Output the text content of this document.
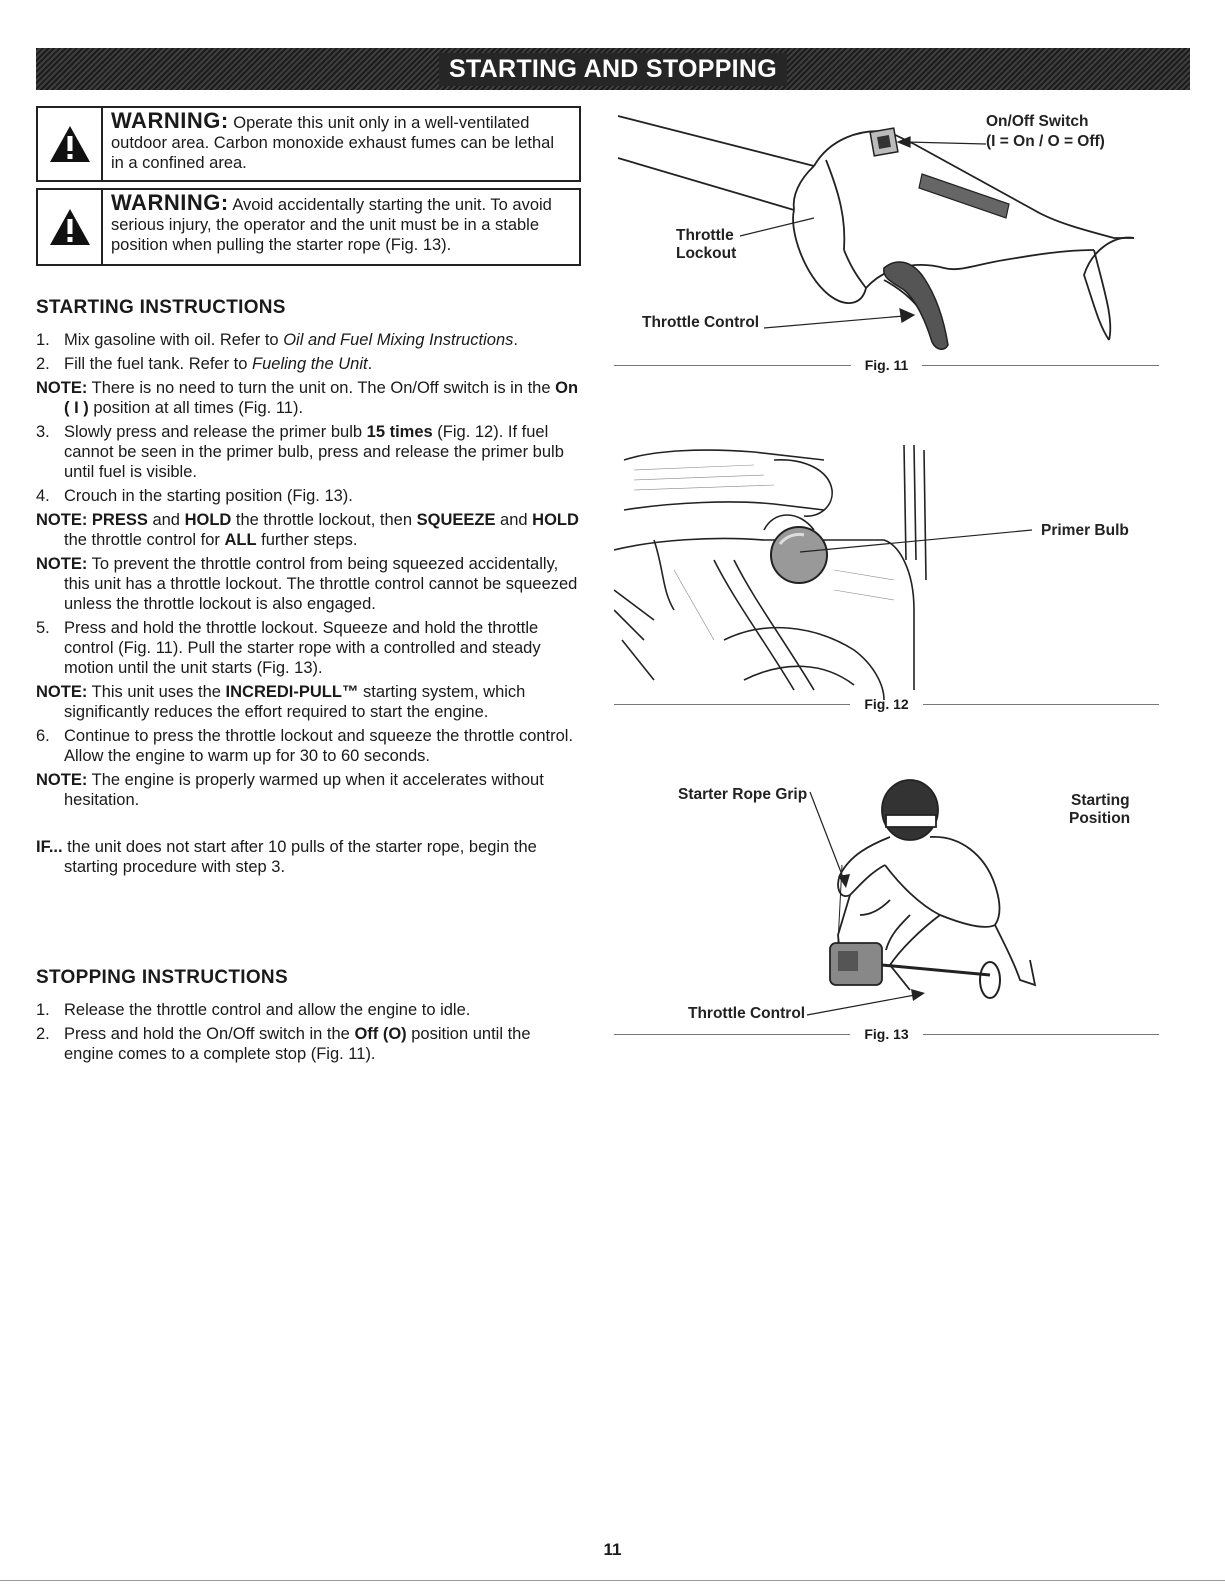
STARTING AND STOPPING
WARNING: Operate this unit only in a well-ventilated outdoor area. Carbon monoxide exhaust fumes can be lethal in a confined area.
WARNING: Avoid accidentally starting the unit. To avoid serious injury, the operator and the unit must be in a stable position when pulling the starter rope (Fig. 13).
STARTING INSTRUCTIONS

1. Mix gasoline with oil. Refer to Oil and Fuel Mixing Instructions.

2. Fill the fuel tank. Refer to Fueling the Unit.

NOTE: There is no need to turn the unit on. The On/Off switch is in the On ( I ) position at all times (Fig. 11).

3. Slowly press and release the primer bulb 15 times (Fig. 12). If fuel cannot be seen in the primer bulb, press and release the primer bulb until fuel is visible.

4. Crouch in the starting position (Fig. 13).

NOTE: PRESS and HOLD the throttle lockout, then SQUEEZE and HOLD the throttle control for ALL further steps.

NOTE: To prevent the throttle control from being squeezed accidentally, this unit has a throttle lockout. The throttle control cannot be squeezed unless the throttle lockout is also engaged.

5. Press and hold the throttle lockout. Squeeze and hold the throttle control (Fig. 11). Pull the starter rope with a controlled and steady motion until the unit starts (Fig. 13).

NOTE: This unit uses the INCREDI-PULL™ starting system, which significantly reduces the effort required to start the engine.

6. Continue to press the throttle lockout and squeeze the throttle control. Allow the engine to warm up for 30 to 60 seconds.

NOTE: The engine is properly warmed up when it accelerates without hesitation.

IF... the unit does not start after 10 pulls of the starter rope, begin the starting procedure with step 3.

STOPPING INSTRUCTIONS

1. Release the throttle control and allow the engine to idle.

2. Press and hold the On/Off switch in the Off (O) position until the engine comes to a complete stop (Fig. 11).

On/Off Switch
(I = On / O = Off)
Throttle
Lockout
Throttle Control
Fig. 11
Primer Bulb
Fig. 12
Starter Rope Grip	Starting
Position
Throttle Control
Fig. 13
11
